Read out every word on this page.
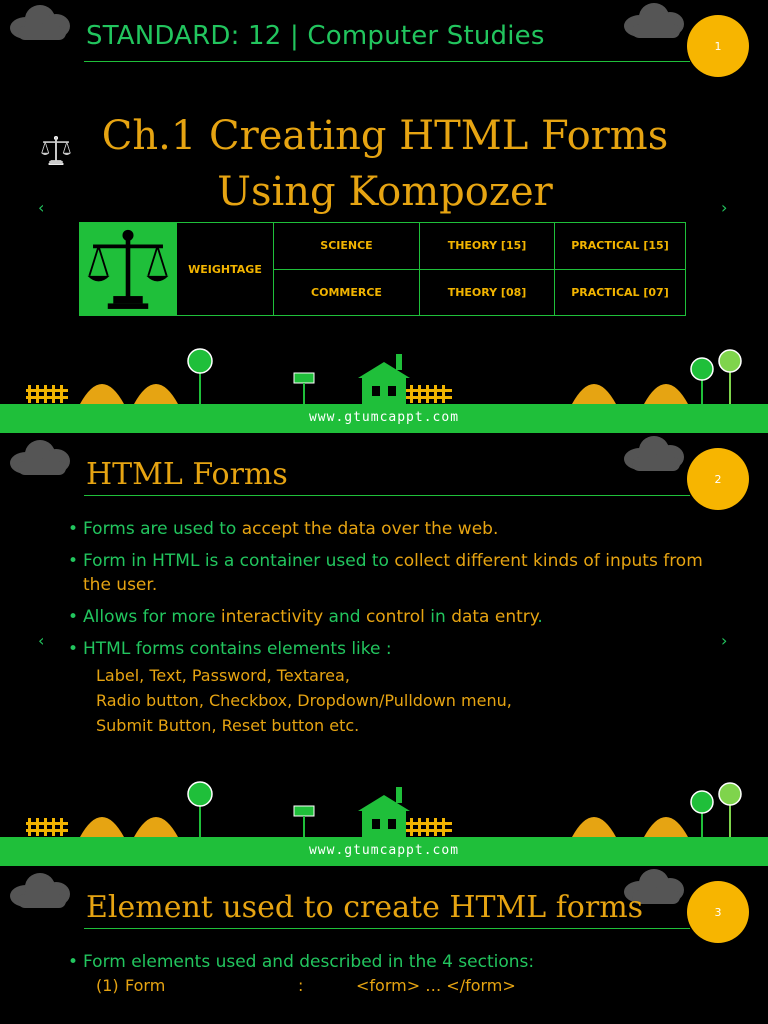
STANDARD: 12 | Computer Studies	1
Ch.1 Creating HTML Forms
Using Kompozer
‹	›
	WEIGHTAGE	SCIENCE	THEORY [15]	PRACTICAL [15]
		COMMERCE	THEORY [08]	PRACTICAL [07]
www.gtumcappt.com
HTML Forms	2
• Forms are used to accept the data over the web.
• Form in HTML is a container used to collect different kinds of inputs from the user.
• Allows for more interactivity and control in data entry.
• HTML forms contains elements like :
Label, Text, Password, Textarea,
Radio button, Checkbox, Dropdown/Pulldown menu,
Submit Button, Reset button etc.
‹	›
www.gtumcappt.com
Element used to create HTML forms	3
• Form elements used and described in the 4 sections:
(1) Form	:	<form> … </form>
